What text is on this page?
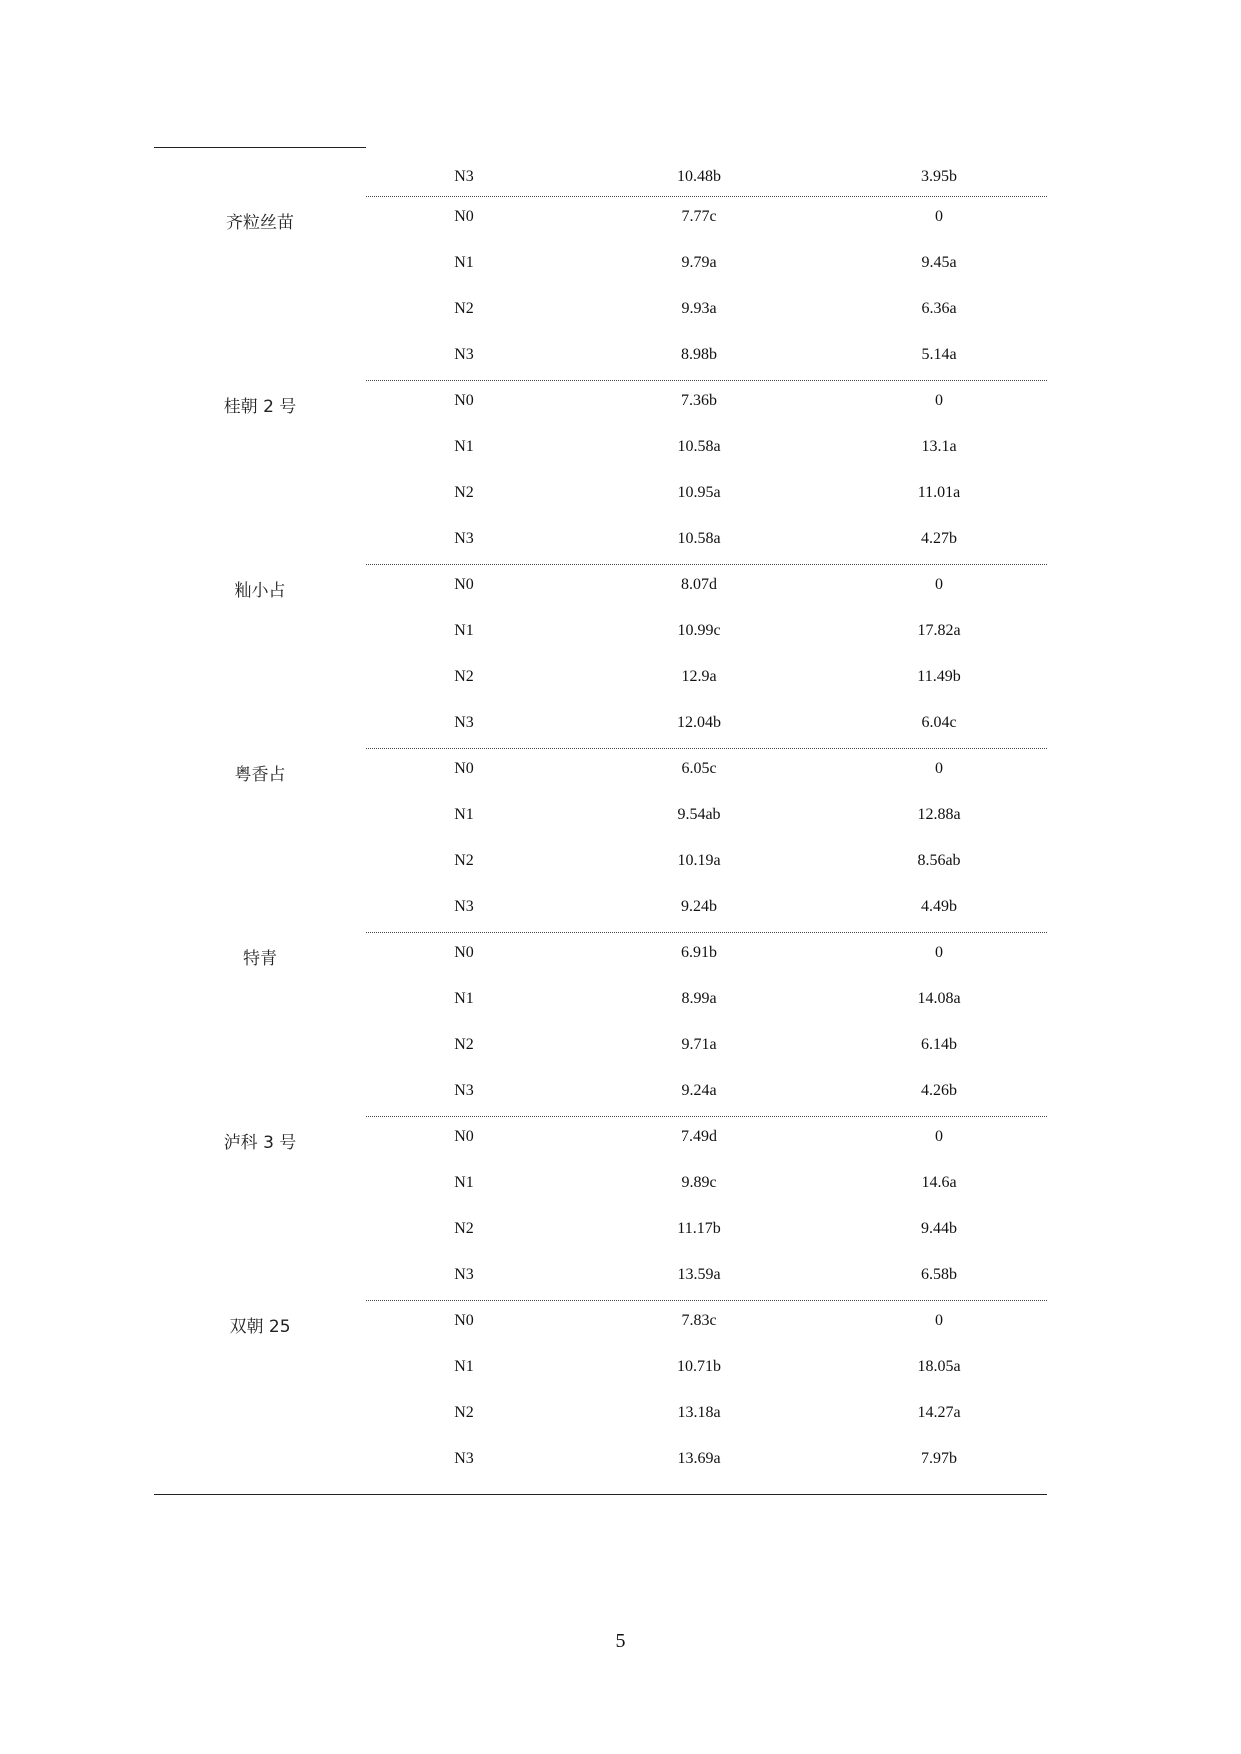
N3	10.48b	3.95b
齐粒丝苗	N0	7.77c	0
N1	9.79a	9.45a
N2	9.93a	6.36a
N3	8.98b	5.14a
桂朝 2 号	N0	7.36b	0
N1	10.58a	13.1a
N2	10.95a	11.01a
N3	10.58a	4.27b
籼小占	N0	8.07d	0
N1	10.99c	17.82a
N2	12.9a	11.49b
N3	12.04b	6.04c
粤香占	N0	6.05c	0
N1	9.54ab	12.88a
N2	10.19a	8.56ab
N3	9.24b	4.49b
特青	N0	6.91b	0
N1	8.99a	14.08a
N2	9.71a	6.14b
N3	9.24a	4.26b
泸科 3 号	N0	7.49d	0
N1	9.89c	14.6a
N2	11.17b	9.44b
N3	13.59a	6.58b
双朝 25	N0	7.83c	0
N1	10.71b	18.05a
N2	13.18a	14.27a
N3	13.69a	7.97b
5
